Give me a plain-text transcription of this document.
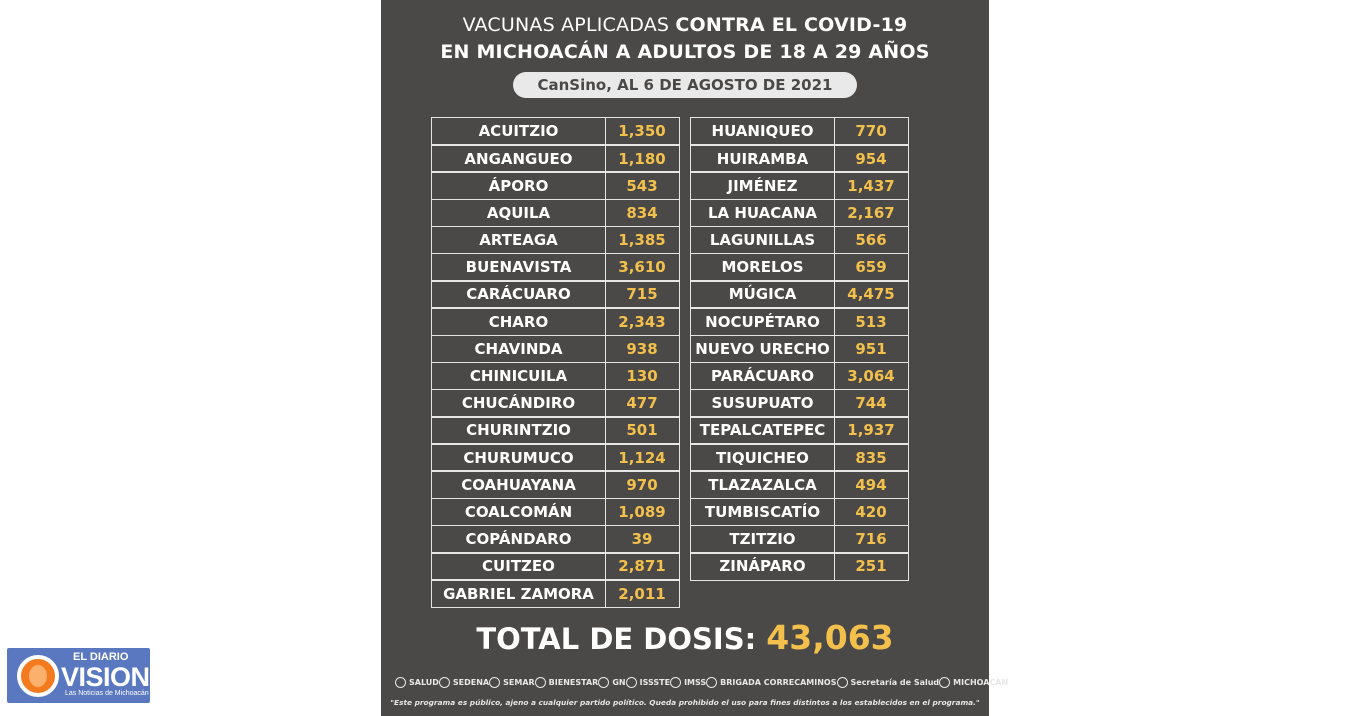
VACUNAS APLICADAS CONTRA EL COVID-19
EN MICHOACÁN A ADULTOS DE 18 A 29 AÑOS
CanSino, AL 6 DE AGOSTO DE 2021
ACUITZIO	1,350
ANGANGUEO	1,180
ÁPORO	543
AQUILA	834
ARTEAGA	1,385
BUENAVISTA	3,610
CARÁCUARO	715
CHARO	2,343
CHAVINDA	938
CHINICUILA	130
CHUCÁNDIRO	477
CHURINTZIO	501
CHURUMUCO	1,124
COAHUAYANA	970
COALCOMÁN	1,089
COPÁNDARO	39
CUITZEO	2,871
GABRIEL ZAMORA	2,011
HUANIQUEO	770
HUIRAMBA	954
JIMÉNEZ	1,437
LA HUACANA	2,167
LAGUNILLAS	566
MORELOS	659
MÚGICA	4,475
NOCUPÉTARO	513
NUEVO URECHO	951
PARÁCUARO	3,064
SUSUPUATO	744
TEPALCATEPEC	1,937
TIQUICHEO	835
TLAZAZALCA	494
TUMBISCATÍO	420
TZITZIO	716
ZINÁPARO	251
TOTAL DE DOSIS: 43,063
SALUD SEDENA SEMAR BIENESTAR GN ISSSTE IMSS BRIGADA CORRECAMINOS Secretaría de Salud MICHOACÁN
"Este programa es público, ajeno a cualquier partido político. Queda prohibido el uso para fines distintos a los establecidos en el programa."
EL DIARIO
VISION
Las Noticias de Michoacán
